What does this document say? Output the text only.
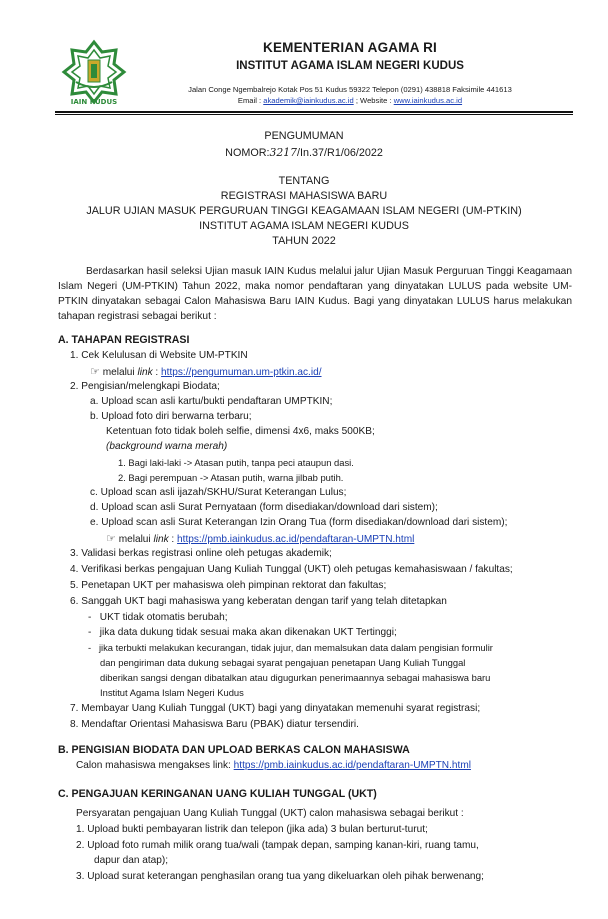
IAIN KUDUS
KEMENTERIAN AGAMA RI
INSTITUT AGAMA ISLAM NEGERI KUDUS
Jalan Conge Ngembalrejo Kotak Pos 51 Kudus 59322 Telepon (0291) 438818 Faksimile 441613
Email : akademik@iainkudus.ac.id ; Website : www.iainkudus.ac.id
PENGUMUMAN
NOMOR:3217/In.37/R1/06/2022
TENTANG
REGISTRASI MAHASISWA BARU
JALUR UJIAN MASUK PERGURUAN TINGGI KEAGAMAAN ISLAM NEGERI (UM-PTKIN)
INSTITUT AGAMA ISLAM NEGERI KUDUS
TAHUN 2022
Berdasarkan hasil seleksi Ujian masuk IAIN Kudus melalui jalur Ujian Masuk Perguruan Tinggi Keagamaan Islam Negeri (UM-PTKIN) Tahun 2022, maka nomor pendaftaran yang dinyatakan LULUS pada website UM-PTKIN dinyatakan sebagai Calon Mahasiswa Baru IAIN Kudus. Bagi yang dinyatakan LULUS harus melakukan tahapan registrasi sebagai berikut :
A. TAHAPAN REGISTRASI
1. Cek Kelulusan di Website UM-PTKIN
☞ melalui link : https://pengumuman.um-ptkin.ac.id/
2. Pengisian/melengkapi Biodata;
a. Upload scan asli kartu/bukti pendaftaran UMPTKIN;
b. Upload foto diri berwarna terbaru;
Ketentuan foto tidak boleh selfie, dimensi 4x6, maks 500KB;
(background warna merah)
1. Bagi laki-laki -> Atasan putih, tanpa peci ataupun dasi.
2. Bagi perempuan -> Atasan putih, warna jilbab putih.
c. Upload scan asli ijazah/SKHU/Surat Keterangan Lulus;
d. Upload scan asli Surat Pernyataan (form disediakan/download dari sistem);
e. Upload scan asli Surat Keterangan Izin Orang Tua (form disediakan/download dari sistem);
☞ melalui link : https://pmb.iainkudus.ac.id/pendaftaran-UMPTN.html
3. Validasi berkas registrasi online oleh petugas akademik;
4. Verifikasi berkas pengajuan Uang Kuliah Tunggal (UKT) oleh petugas kemahasiswaan / fakultas;
5. Penetapan UKT per mahasiswa oleh pimpinan rektorat dan fakultas;
6. Sanggah UKT bagi mahasiswa yang keberatan dengan tarif yang telah ditetapkan
-   UKT tidak otomatis berubah;
-   jika data dukung tidak sesuai maka akan dikenakan UKT Tertinggi;
-   jika terbukti melakukan kecurangan, tidak jujur, dan memalsukan data dalam pengisian formulir
dan pengiriman data dukung sebagai syarat pengajuan penetapan Uang Kuliah Tunggal
diberikan sangsi dengan dibatalkan atau digugurkan penerimaannya sebagai mahasiswa baru
Institut Agama Islam Negeri Kudus
7. Membayar Uang Kuliah Tunggal (UKT) bagi yang dinyatakan memenuhi syarat registrasi;
8. Mendaftar Orientasi Mahasiswa Baru (PBAK) diatur tersendiri.
B. PENGISIAN BIODATA DAN UPLOAD BERKAS CALON MAHASISWA
Calon mahasiswa mengakses link: https://pmb.iainkudus.ac.id/pendaftaran-UMPTN.html
C. PENGAJUAN KERINGANAN UANG KULIAH TUNGGAL (UKT)
Persyaratan pengajuan Uang Kuliah Tunggal (UKT) calon mahasiswa sebagai berikut :
1. Upload bukti pembayaran listrik dan telepon (jika ada) 3 bulan berturut-turut;
2. Upload foto rumah milik orang tua/wali (tampak depan, samping kanan-kiri, ruang tamu,
dapur dan atap);
3. Upload surat keterangan penghasilan orang tua yang dikeluarkan oleh pihak berwenang;
